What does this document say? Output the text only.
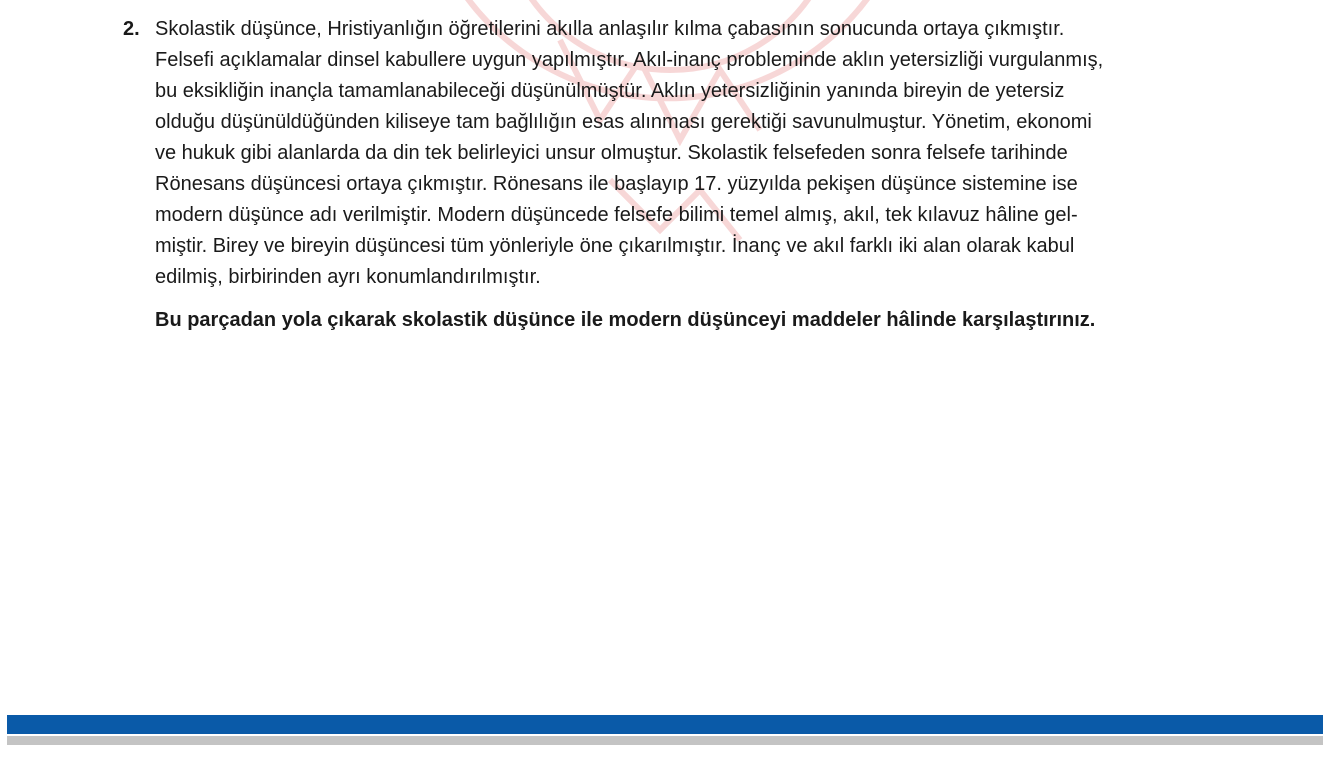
2. Skolastik düşünce, Hristiyanlığın öğretilerini akılla anlaşılır kılma çabasının sonucunda ortaya çıkmıştır.
Felsefi açıklamalar dinsel kabullere uygun yapılmıştır. Akıl-inanç probleminde aklın yetersizliği vurgulanmış,
bu eksikliğin inançla tamamlanabileceği düşünülmüştür. Aklın yetersizliğinin yanında bireyin de yetersiz
olduğu düşünüldüğünden kiliseye tam bağlılığın esas alınması gerektiği savunulmuştur. Yönetim, ekonomi
ve hukuk gibi alanlarda da din tek belirleyici unsur olmuştur. Skolastik felsefeden sonra felsefe tarihinde
Rönesans düşüncesi ortaya çıkmıştır. Rönesans ile başlayıp 17. yüzyılda pekişen düşünce sistemine ise
modern düşünce adı verilmiştir. Modern düşüncede felsefe bilimi temel almış, akıl, tek kılavuz hâline gel-
miştir. Birey ve bireyin düşüncesi tüm yönleriyle öne çıkarılmıştır. İnanç ve akıl farklı iki alan olarak kabul
edilmiş, birbirinden ayrı konumlandırılmıştır.

Bu parçadan yola çıkarak skolastik düşünce ile modern düşünceyi maddeler hâlinde karşılaştırınız.
